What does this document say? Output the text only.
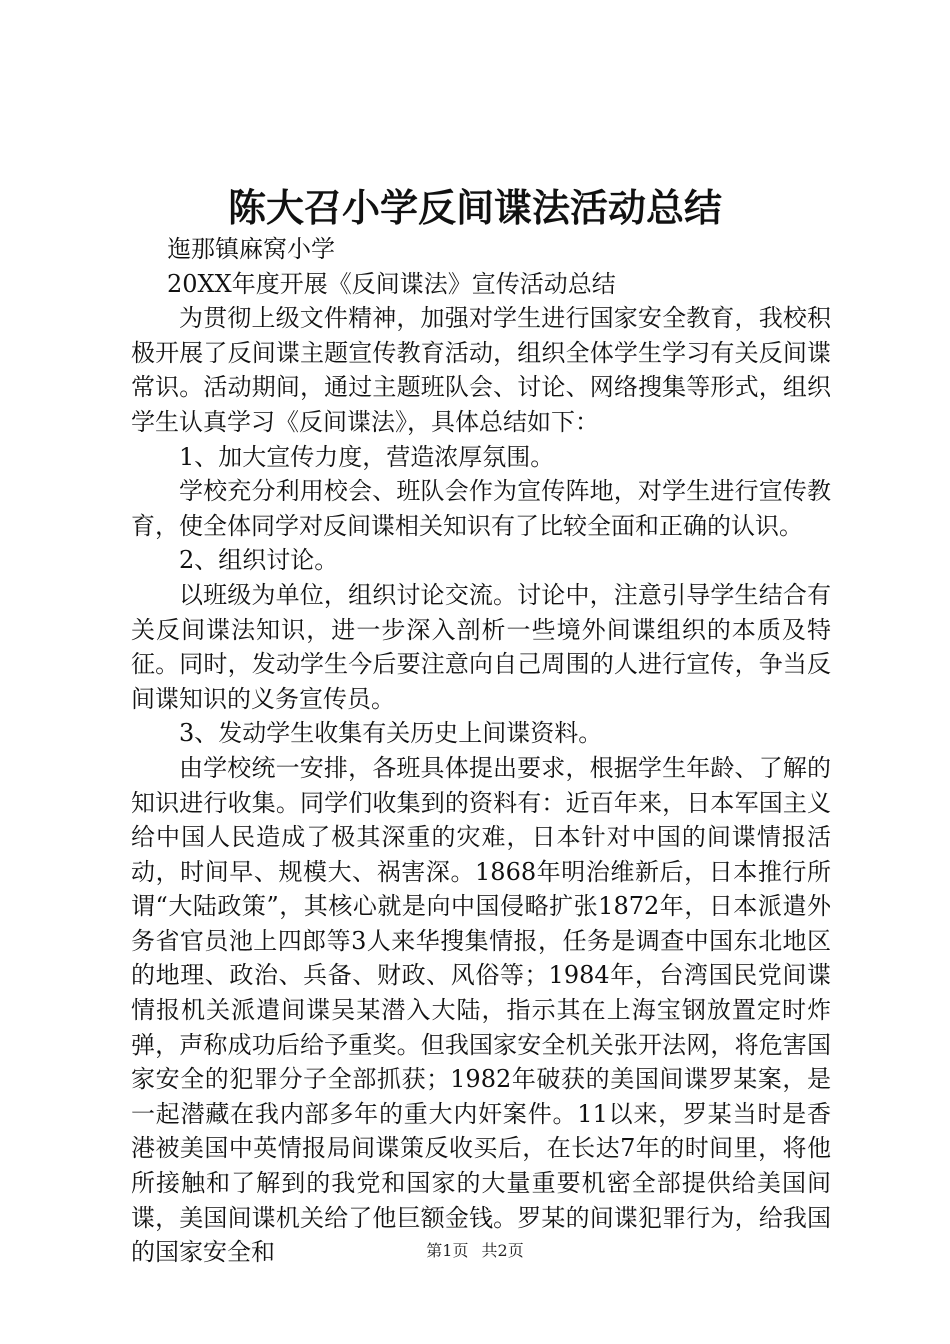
陈大召小学反间谍法活动总结

迤那镇麻窝小学

20XX年度开展《反间谍法》宣传活动总结

为贯彻上级文件精神，加强对学生进行国家安全教育，我校积极开展了反间谍主题宣传教育活动，组织全体学生学习有关反间谍常识。活动期间，通过主题班队会、讨论、网络搜集等形式，组织学生认真学习《反间谍法》，具体总结如下：

1、加大宣传力度，营造浓厚氛围。

学校充分利用校会、班队会作为宣传阵地，对学生进行宣传教育，使全体同学对反间谍相关知识有了比较全面和正确的认识。

2、组织讨论。

以班级为单位，组织讨论交流。讨论中，注意引导学生结合有关反间谍法知识，进一步深入剖析一些境外间谍组织的本质及特征。同时，发动学生今后要注意向自己周围的人进行宣传，争当反间谍知识的义务宣传员。

3、发动学生收集有关历史上间谍资料。

由学校统一安排，各班具体提出要求，根据学生年龄、了解的知识进行收集。同学们收集到的资料有：近百年来，日本军国主义给中国人民造成了极其深重的灾难，日本针对中国的间谍情报活动，时间早、规模大、祸害深。1868年明治维新后，日本推行所谓“大陆政策”，其核心就是向中国侵略扩张1872年，日本派遣外务省官员池上四郎等3人来华搜集情报，任务是调查中国东北地区的地理、政治、兵备、财政、风俗等；1984年，台湾国民党间谍情报机关派遣间谍吴某潜入大陆，指示其在上海宝钢放置定时炸弹，声称成功后给予重奖。但我国家安全机关张开法网，将危害国家安全的犯罪分子全部抓获；1982年破获的美国间谍罗某案，是一起潜藏在我内部多年的重大内奸案件。11以来，罗某当时是香港被美国中英情报局间谍策反收买后，在长达7年的时间里，将他所接触和了解到的我党和国家的大量重要机密全部提供给美国间谍，美国间谍机关给了他巨额金钱。罗某的间谍犯罪行为，给我国的国家安全和	第1页 共2页
